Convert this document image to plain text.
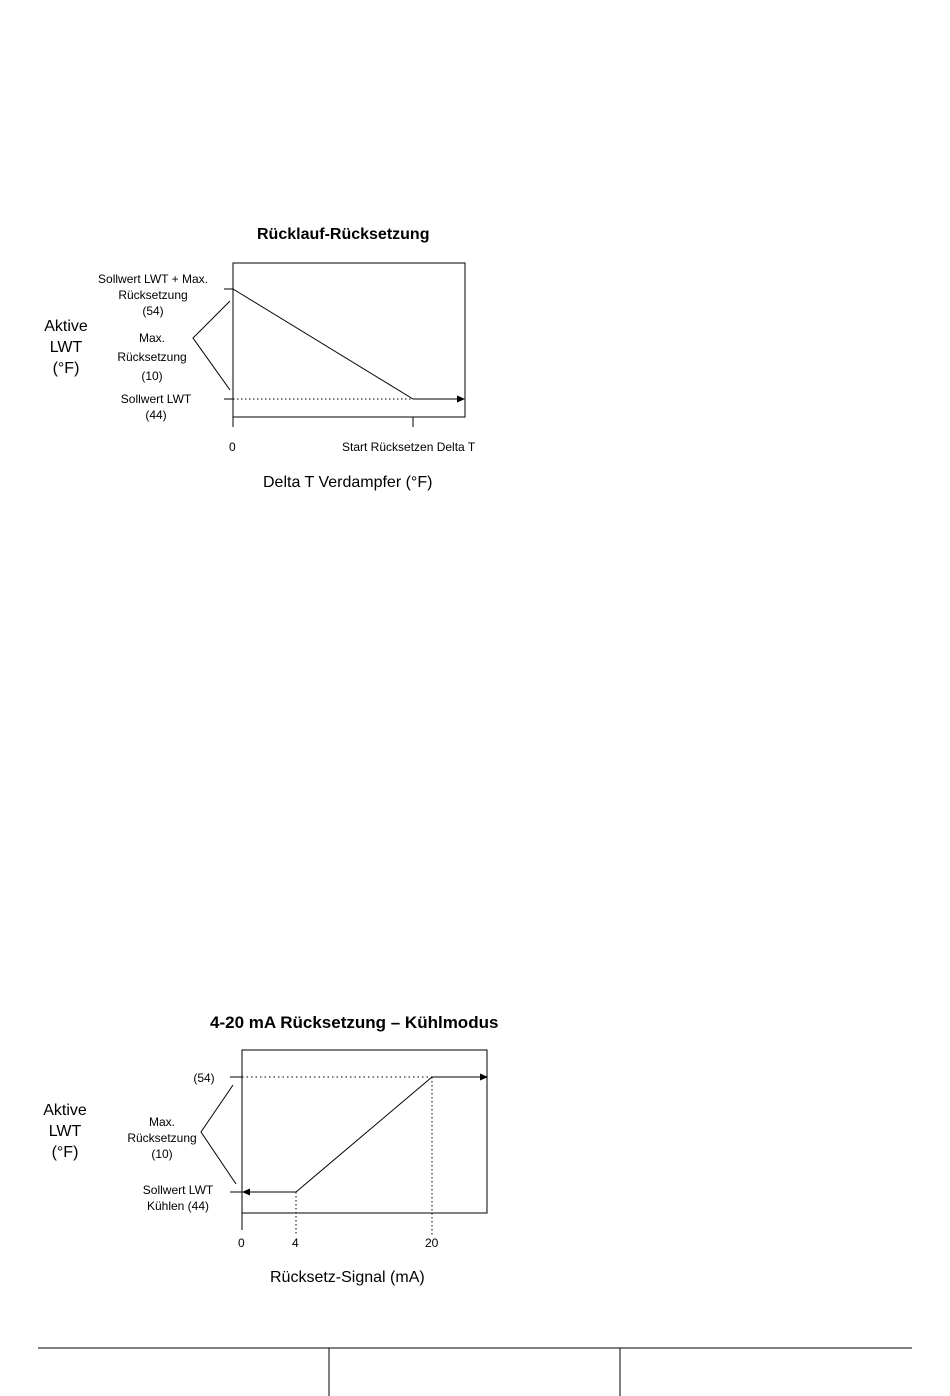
Rücklauf-Rücksetzung
Aktive
LWT
(°F)
Sollwert LWT + Max.
Rücksetzung
(54)
Max.
Rücksetzung
(10)
Sollwert LWT
(44)
0	Start Rücksetzen Delta T
Delta T Verdampfer (°F)
4-20 mA Rücksetzung – Kühlmodus
Aktive
LWT
(°F)
(54)
Max.
Rücksetzung
(10)
Sollwert LWT
Kühlen (44)
0	4	20
Rücksetz-Signal (mA)
